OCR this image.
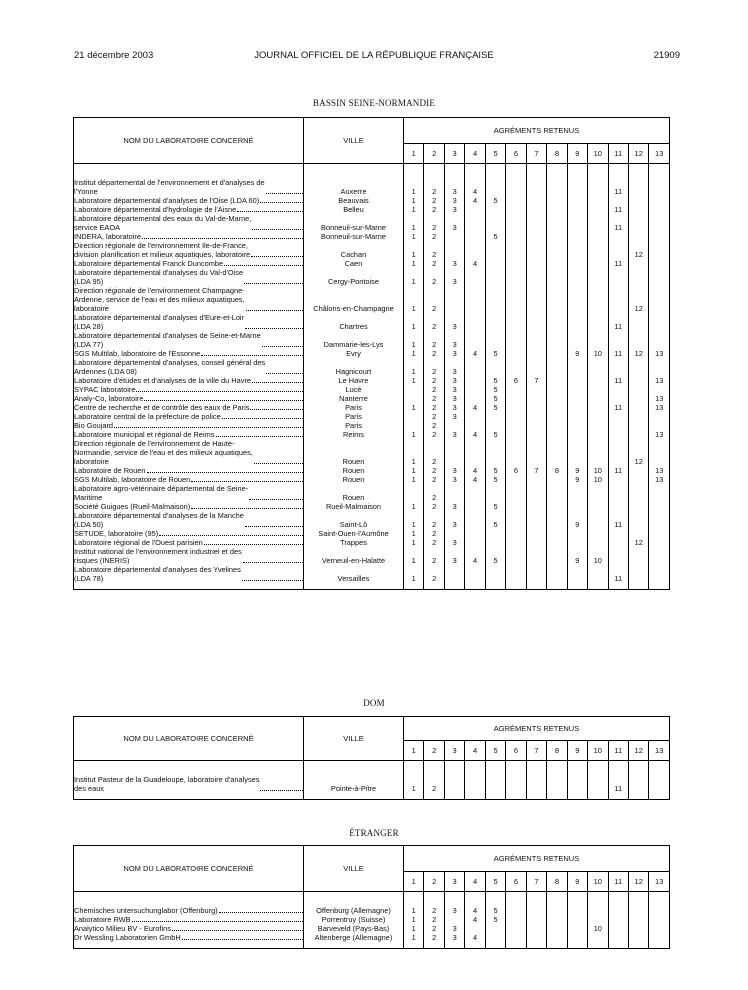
21 décembre 2003	JOURNAL OFFICIEL DE LA RÉPUBLIQUE FRANÇAISE	21909
BASSIN SEINE-NORMANDIE
NOM DU LABORATOIRE CONCERNÉ	VILLE	AGRÉMENTS RETENUS												
		1	2	3	4	5	6	7	8	9	10	11	12	13

Institut départemental de l'environnement et d'analyses de
l'Yonne	Auxerre	1	2	3	4							11		

Laboratoire départemental d'analyses de l'Oise (LDA 60)	Beauvais	1	2	3	4	5								

Laboratoire départemental d'hydrologie de l'Aisne	Belleu	1	2	3								11		

Laboratoire départemental des eaux du Val-de-Marne,
service EAOA	Bonneuil-sur-Marne	1	2	3								11		

INDERA, laboratoire	Bonneuil-sur-Marne	1	2			5								

Direction régionale de l'environnement Ile-de-France,
division planification et milieux aquatiques, laboratoire	Cachan	1	2										12	

Laboratoire départemental Franck Duncombe	Caen	1	2	3	4							11		

Laboratoire départemental d'analyses du Val-d'Oise
(LDA 95)	Cergy-Pontoise	1	2	3										

Direction régionale de l'environnement Champagne-
Ardenne, service de l'eau et des milieux aquatiques,
laboratoire	Châlons-en-Champagne	1	2										12	

Laboratoire départemental d'analyses d'Eure-et-Loir
(LDA 28)	Chartres	1	2	3								11		

Laboratoire départemental d'analyses de Seine-et-Marne
(LDA 77)	Dammarie-les-Lys	1	2	3										

SGS Multilab, laboratoire de l'Essonne	Evry	1	2	3	4	5				9	10	11	12	13

Laboratoire départemental d'analyses, conseil général des
Ardennes (LDA 08)	Hagnicourt	1	2	3										

Laboratoire d'études et d'analyses de la ville du Havre	Le Havre	1	2	3		5	6	7				11		13

SYPAC laboratoire	Lucé		2	3		5								

Analy-Co, laboratoire	Nanterre		2	3		5								13

Centre de recherche et de contrôle des eaux de Paris	Paris	1	2	3	4	5						11		13

Laboratoire central de la préfecture de police	Paris		2	3										

Bio Goujard	Paris		2											

Laboratoire municipal et régional de Reims	Reims	1	2	3	4	5								13

Direction régionale de l'environnement de Haute-
Normandie, service de l'eau et des milieux aquatiques,
laboratoire	Rouen	1	2										12	

Laboratoire de Rouen	Rouen	1	2	3	4	5	6	7	8	9	10	11		13

SGS Multilab, laboratoire de Rouen	Rouen	1	2	3	4	5				9	10			13

Laboratoire agro-vétérinaire départemental de Seine-
Maritime	Rouen		2											

Société Guigues (Rueil-Malmaison)	Rueil-Malmaison	1	2	3		5								

Laboratoire départemental d'analyses de la Manche
(LDA 50)	Saint-Lô	1	2	3		5				9		11		

SETUDE, laboratoire (95)	Saint-Ouen-l'Aumône	1	2											

Laboratoire régional de l'Ouest parisien	Trappes	1	2	3									12	

Institut national de l'environnement industriel et des
risques (INERIS)	Verneuil-en-Halatte	1	2	3	4	5				9	10			

Laboratoire départemental d'analyses des Yvelines
(LDA 78)	Versailles	1	2									11		

DOM
NOM DU LABORATOIRE CONCERNÉ	VILLE	AGRÉMENTS RETENUS												
		1	2	3	4	5	6	7	8	9	10	11	12	13

Institut Pasteur de la Guadeloupe, laboratoire d'analyses
des eaux	Pointe-à-Pitre	1	2									11		

ÉTRANGER
NOM DU LABORATOIRE CONCERNÉ	VILLE	AGRÉMENTS RETENUS												
		1	2	3	4	5	6	7	8	9	10	11	12	13

Chemisches untersuchunglabor (Offenburg)	Offenburg (Allemagne)	1	2	3	4	5								

Laboratoire RWB	Porrentruy (Suisse)	1	2		4	5								

Analytico Milieu BV - Eurofins	Barveveld (Pays-Bas)	1	2	3							10			

Dr Wessling Laboratorien GmbH	Altenberge (Allemagne)	1	2	3	4									
